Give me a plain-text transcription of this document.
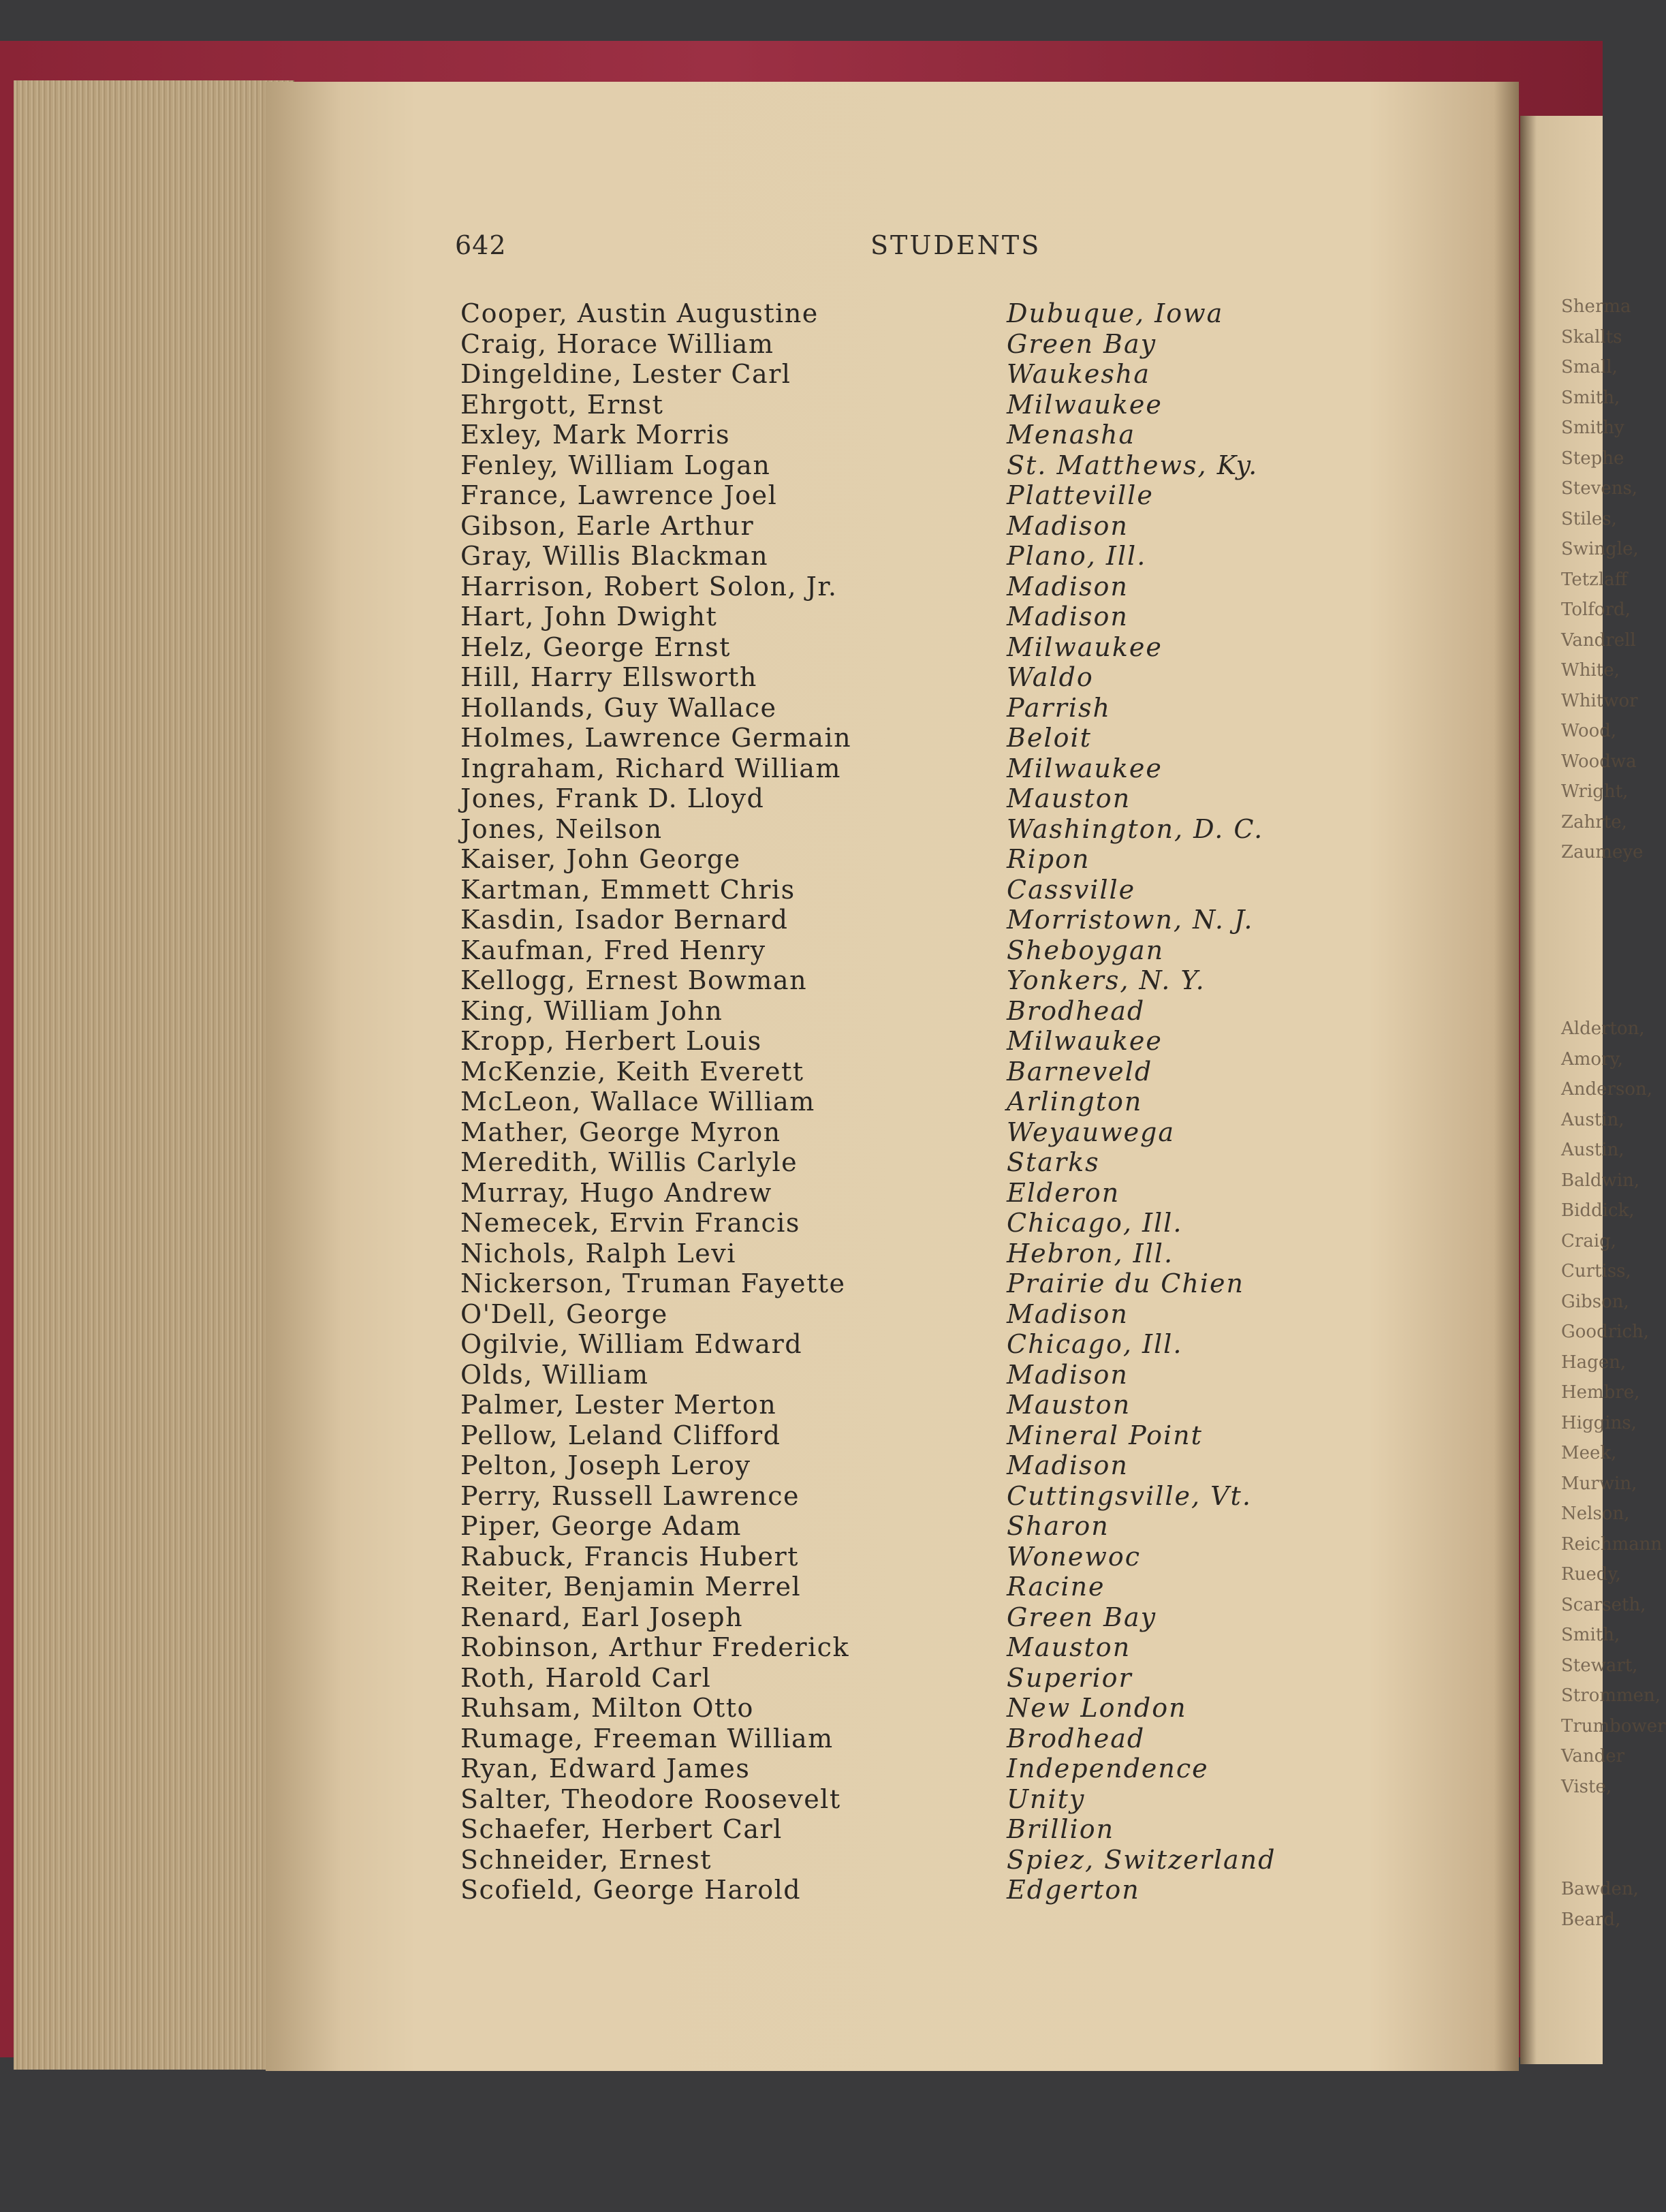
Sherma
Skallts
Small,
Smith,
Smithy
Stephe
Stevens,
Stiles,
Swingle,
Tetzlaff
Tolford,
Vandrell
White,
Whitwor
Wood,
Woodwa
Wright,
Zahrte,
Zaumeye
Alderton,
Amory,
Anderson,
Austin,
Austin,
Baldwin,
Biddick,
Craig,
Curtiss,
Gibson,
Goodrich,
Hagen,
Hembre,
Higgins,
Meek,
Murwin,
Nelson,
Reichmann
Ruedy,
Scarseth,
Smith,
Stewart,
Strommen,
Trumbower
Vander
Viste,
Bawden,
Beard,
642	STUDENTS
Cooper, Austin Augustine	Dubuque, Iowa
Craig, Horace William	Green Bay
Dingeldine, Lester Carl	Waukesha
Ehrgott, Ernst	Milwaukee
Exley, Mark Morris	Menasha
Fenley, William Logan	St. Matthews, Ky.
France, Lawrence Joel	Platteville
Gibson, Earle Arthur	Madison
Gray, Willis Blackman	Plano, Ill.
Harrison, Robert Solon, Jr.	Madison
Hart, John Dwight	Madison
Helz, George Ernst	Milwaukee
Hill, Harry Ellsworth	Waldo
Hollands, Guy Wallace	Parrish
Holmes, Lawrence Germain	Beloit
Ingraham, Richard William	Milwaukee
Jones, Frank D. Lloyd	Mauston
Jones, Neilson	Washington, D. C.
Kaiser, John George	Ripon
Kartman, Emmett Chris	Cassville
Kasdin, Isador Bernard	Morristown, N. J.
Kaufman, Fred Henry	Sheboygan
Kellogg, Ernest Bowman	Yonkers, N. Y.
King, William John	Brodhead
Kropp, Herbert Louis	Milwaukee
McKenzie, Keith Everett	Barneveld
McLeon, Wallace William	Arlington
Mather, George Myron	Weyauwega
Meredith, Willis Carlyle	Starks
Murray, Hugo Andrew	Elderon
Nemecek, Ervin Francis	Chicago, Ill.
Nichols, Ralph Levi	Hebron, Ill.
Nickerson, Truman Fayette	Prairie du Chien
O'Dell, George	Madison
Ogilvie, William Edward	Chicago, Ill.
Olds, William	Madison
Palmer, Lester Merton	Mauston
Pellow, Leland Clifford	Mineral Point
Pelton, Joseph Leroy	Madison
Perry, Russell Lawrence	Cuttingsville, Vt.
Piper, George Adam	Sharon
Rabuck, Francis Hubert	Wonewoc
Reiter, Benjamin Merrel	Racine
Renard, Earl Joseph	Green Bay
Robinson, Arthur Frederick	Mauston
Roth, Harold Carl	Superior
Ruhsam, Milton Otto	New London
Rumage, Freeman William	Brodhead
Ryan, Edward James	Independence
Salter, Theodore Roosevelt	Unity
Schaefer, Herbert Carl	Brillion
Schneider, Ernest	Spiez, Switzerland
Scofield, George Harold	Edgerton
